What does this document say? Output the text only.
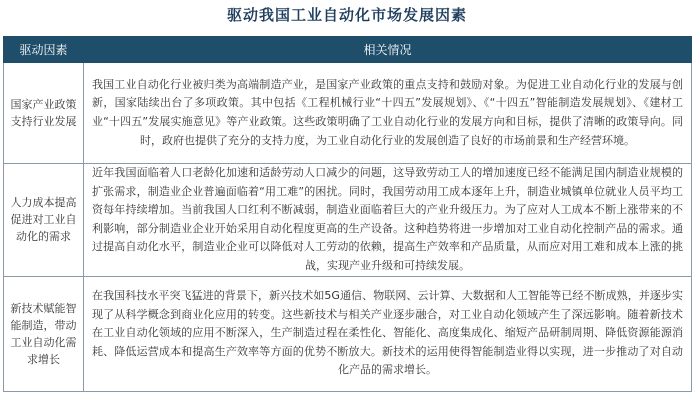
驱动我国工业自动化市场发展因素
驱动因素	相关情况
国家产业政策支持行业发展	我国工业自动化行业被归类为高端制造产业，是国家产业政策的重点支持和鼓励对象。为促进工业自动化行业的发展与创新，国家陆续出台了多项政策。其中包括《工程机械行业“十四五”发展规划》、《“十四五”智能制造发展规划》、《建材工业“十四五”发展实施意见》等产业政策。这些政策明确了工业自动化行业的发展方向和目标，提供了清晰的政策导向。同时，政府也提供了充分的支持力度，为工业自动化行业的发展创造了良好的市场前景和生产经营环境。
人力成本提高促进对工业自动化的需求	近年我国面临着人口老龄化加速和适龄劳动人口减少的问题，这导致劳动工人的增加速度已经不能满足国内制造业规模的扩张需求，制造业企业普遍面临着“用工难”的困扰。同时，我国劳动用工成本逐年上升，制造业城镇单位就业人员平均工资每年持续增加。当前我国人口红利不断减弱，制造业面临着巨大的产业升级压力。为了应对人工成本不断上涨带来的不利影响，部分制造业企业开始采用自动化程度更高的生产设备。这种趋势将进一步增加对工业自动化控制产品的需求。通过提高自动化水平，制造业企业可以降低对人工劳动的依赖，提高生产效率和产品质量，从而应对用工难和成本上涨的挑战，实现产业升级和可持续发展。
新技术赋能智能制造，带动工业自动化需求增长	在我国科技水平突飞猛进的背景下，新兴技术如5G通信、物联网、云计算、大数据和人工智能等已经不断成熟，并逐步实现了从科学概念到商业化应用的转变。这些新技术与相关产业逐步融合，对工业自动化领域产生了深远影响。随着新技术在工业自动化领域的应用不断深入，生产制造过程在柔性化、智能化、高度集成化、缩短产品研制周期、降低资源能源消耗、降低运营成本和提高生产效率等方面的优势不断放大。新技术的运用使得智能制造业得以实现，进一步推动了对自动化产品的需求增长。
